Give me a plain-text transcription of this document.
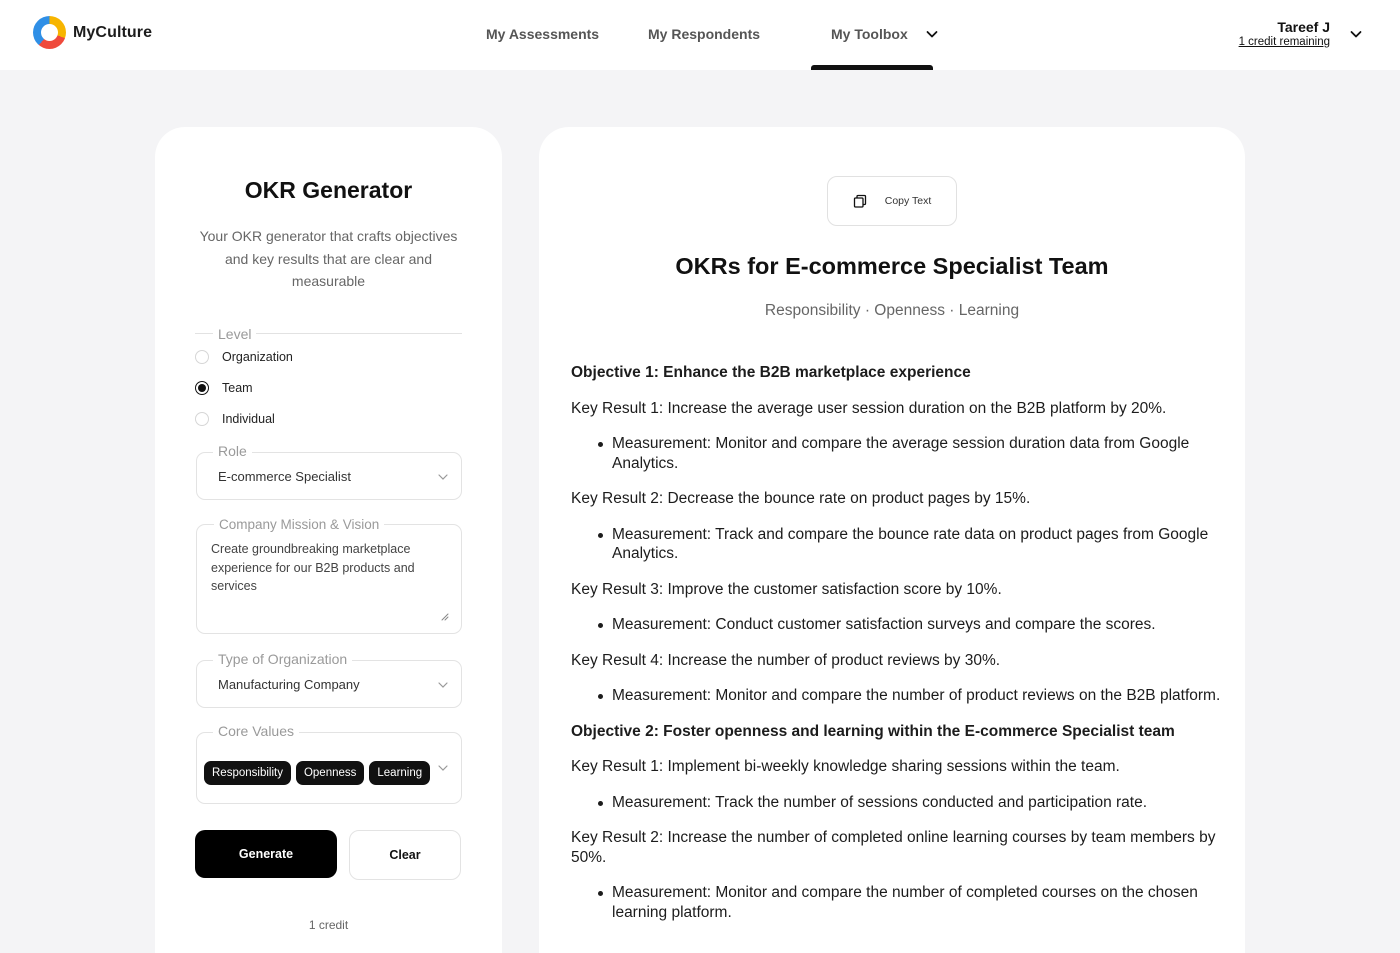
MyCulture	My Assessments	My Respondents	My Toolbox	Tareef J
1 credit remaining
OKR Generator
Your OKR generator that crafts objectives and key results that are clear and measurable
Level
Organization
Team
Individual
E-commerce Specialist
Role
Create groundbreaking marketplace experience for our B2B products and services
Company Mission & Vision
Manufacturing Company
Type of Organization
Responsibility	Openness	Learning
Core Values
Generate	Clear
1 credit
Copy Text
OKRs for E-commerce Specialist Team
Responsibility · Openness · Learning
Objective 1: Enhance the B2B marketplace experience
Key Result 1: Increase the average user session duration on the B2B platform by 20%.
Measurement: Monitor and compare the average session duration data from Google Analytics.
Key Result 2: Decrease the bounce rate on product pages by 15%.
Measurement: Track and compare the bounce rate data on product pages from Google Analytics.
Key Result 3: Improve the customer satisfaction score by 10%.
Measurement: Conduct customer satisfaction surveys and compare the scores.
Key Result 4: Increase the number of product reviews by 30%.
Measurement: Monitor and compare the number of product reviews on the B2B platform.
Objective 2: Foster openness and learning within the E-commerce Specialist team
Key Result 1: Implement bi-weekly knowledge sharing sessions within the team.
Measurement: Track the number of sessions conducted and participation rate.
Key Result 2: Increase the number of completed online learning courses by team members by 50%.
Measurement: Monitor and compare the number of completed courses on the chosen learning platform.
